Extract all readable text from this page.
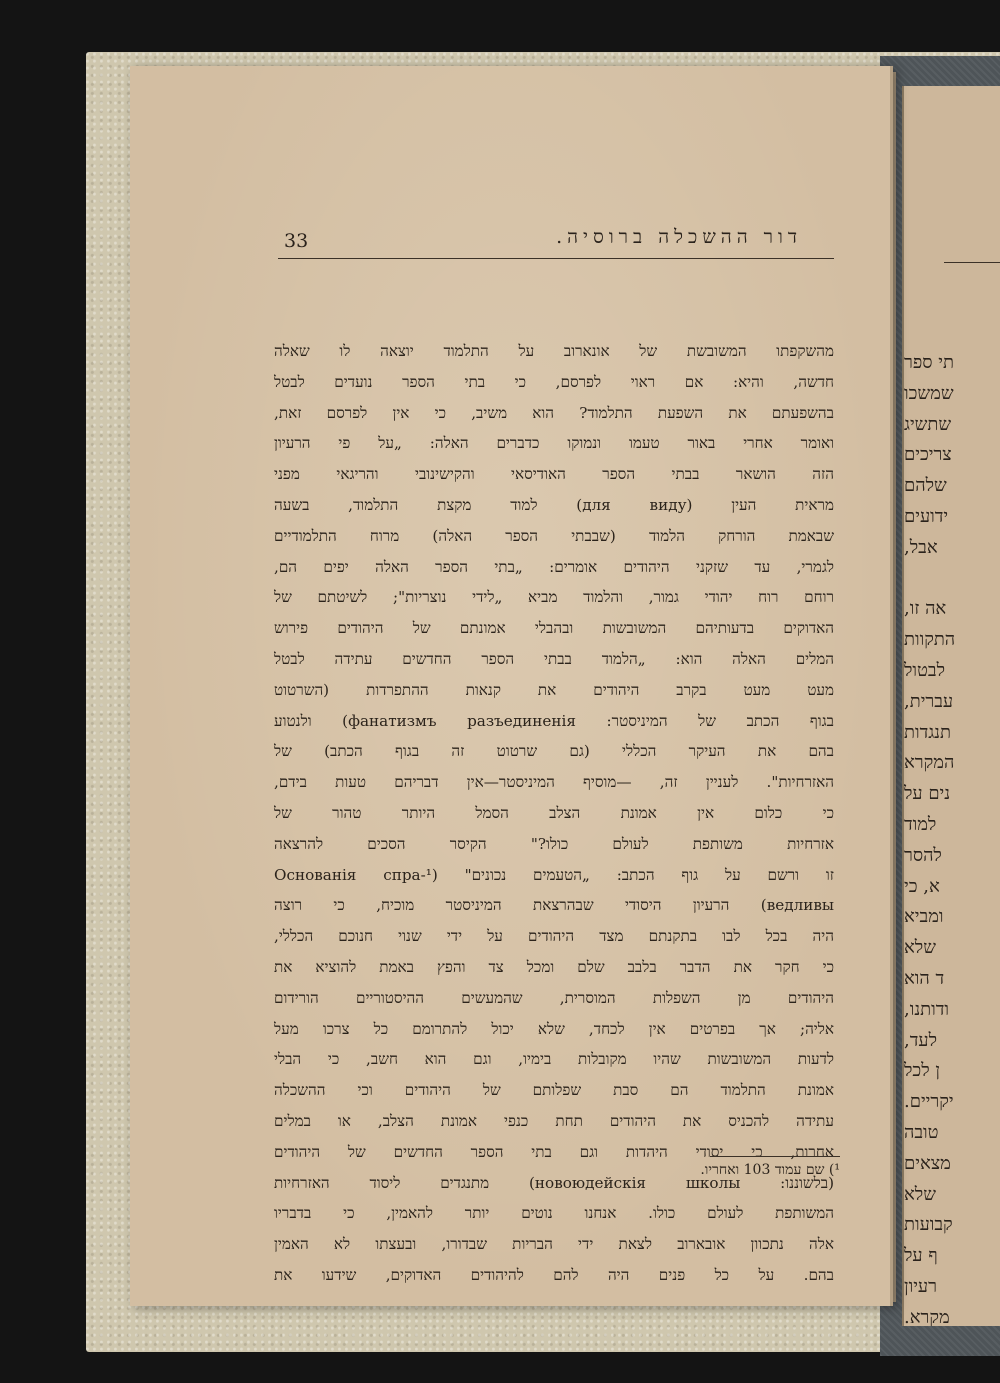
תי ספר
שמשכו
שתשיג
צריכים
שלהם
ידועים
אבל,
אה זו,
התקוות
לבטול
עברית,
תנגדות
המקרא
נים על
למוד
להסר
א, כי
ומביא
שלא
ד הוא
ודותנו,
לעד,
ן לכל
יקריים.
טובה
מצאים
שלא
קבועות
ף על
רעיון
מקרא.
33	דור ההשכלה ברוסיה.
מהשקפתו המשובשת של אונארוב על התלמוד יוצאה לו שאלה
חדשה, והיא: אם ראוי לפרסם, כי בתי הספר נועדים לבטל
בהשפעתם את השפעת התלמוד? הוא משיב, כי אין לפרסם זאת,
ואומר אחרי באור טעמו ונמוקו כדברים האלה: „על פי הרעיון
הזה הושאר בבתי הספר האודיסאי והקישינובי והריגאי מפני
מראית העין (для виду) למוד מקצת התלמוד, בשעה
שבאמת הורחק הלמוד (שבבתי הספר האלה) מרוח התלמודיים
לגמרי, עד שזקני היהודים אומרים: „בתי הספר האלה יפים הם,
רוחם רוח יהודי גמור, והלמוד מביא „לידי נוצריות"; לשיטתם של
האדוקים בדעותיהם המשובשות ובהבלי אמונתם של היהודים פירוש
המלים האלה הוא: „הלמוד בבתי הספר החדשים עתידה לבטל
מעט מעט בקרב היהודים את קנאות ההתפרדות (השרטוט
בגוף הכתב של המיניסטר: фанатизмъ разъединенія) ולנטוע
בהם את העיקר הכללי (גם שרטוט זה בגוף הכתב) של
האזרחיות". לעניין זה, —מוסיף המיניסטר—אין דבריהם טעות בידם,
כי כלום אין אמונת הצלב הסמל היותר טהור של
אזרחיות משותפת לעולם כולו?" הקיסר הסכים להרצאה
זו ורשם על גוף הכתב: „הטעמים נכונים" (Основанія спра-¹
ведливы) הרעיון היסודי שבהרצאת המיניסטר מוכיח, כי רוצה
היה בכל לבו בתקנתם מצד היהודים על ידי שנוי חנוכם הכללי,
כי חקר את הדבר בלבב שלם ומכל צד והפץ באמת להוציא את
היהודים מן השפלות המוסרית, שהמעשים ההיסטוריים הורידום
אליה; אך בפרטים אין לכחד, שלא יכול להתרומם כל צרכו מעל
לדעות המשובשות שהיו מקובלות בימיו, וגם הוא חשב, כי הבלי
אמונת התלמוד הם סבת שפלותם של היהודים וכי ההשכלה
עתידה להכניס את היהודים תחת כנפי אמונת הצלב, או במלים
אחרות, כי יסודי היהדות וגם בתי הספר החדשים של היהודים
(בלשוננו: новоюдейскія школы) מתנגדים ליסוד האזרחיות
המשותפת לעולם כולו. אנחנו נוטים יותר להאמין, כי בדבריו
אלה נתכוון אובארוב לצאת ידי הבריות שבדורו, ובעצתו לא האמין
בהם. על כל פנים היה להם להיהודים האדוקים, שידעו את
¹) שם עמוד 103 ואחריו.
